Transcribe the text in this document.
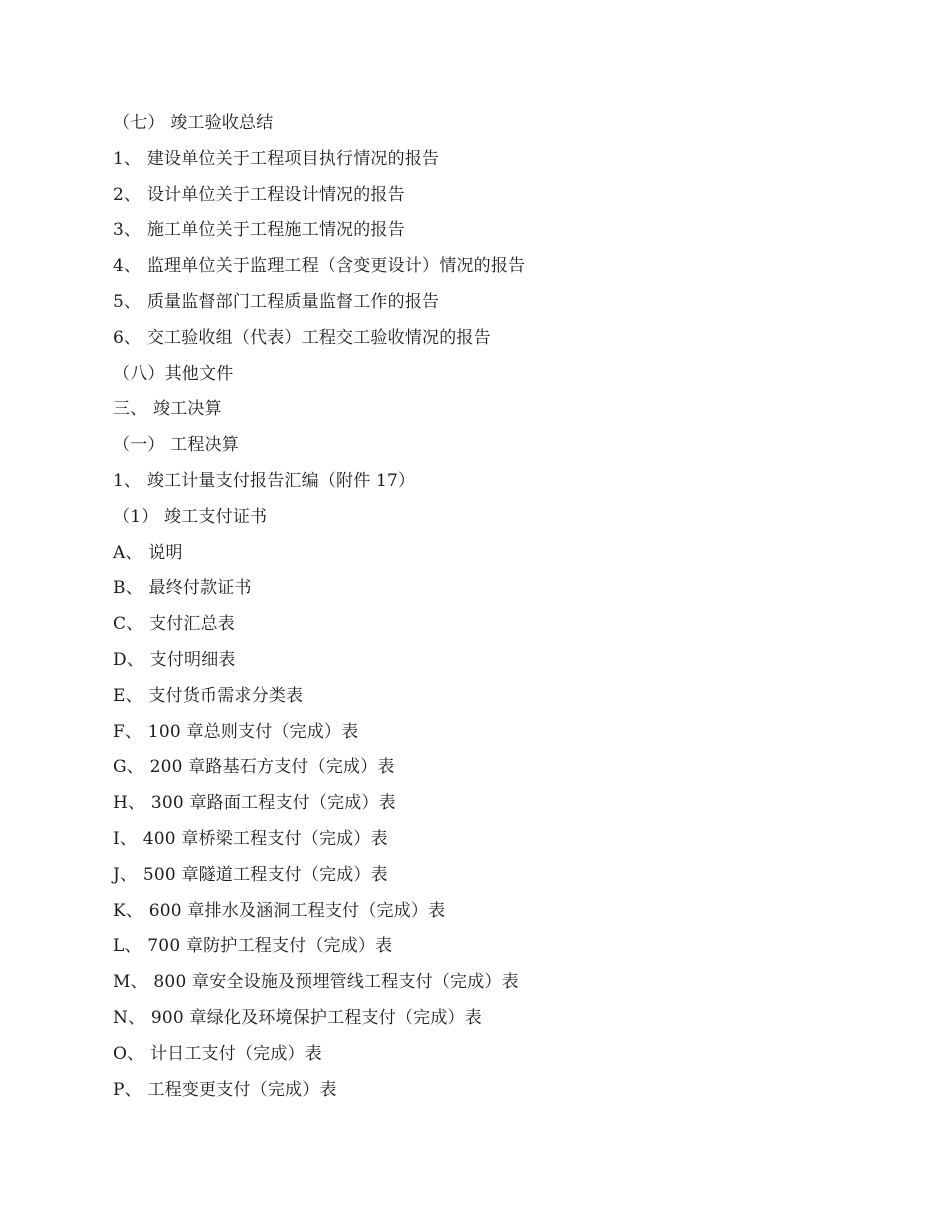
（七） 竣工验收总结
1、 建设单位关于工程项目执行情况的报告
2、 设计单位关于工程设计情况的报告
3、 施工单位关于工程施工情况的报告
4、 监理单位关于监理工程（含变更设计）情况的报告
5、 质量监督部门工程质量监督工作的报告
6、 交工验收组（代表）工程交工验收情况的报告
（八）其他文件
三、 竣工决算
（一） 工程决算
1、 竣工计量支付报告汇编（附件 17）
（1） 竣工支付证书
A、 说明
B、 最终付款证书
C、 支付汇总表
D、 支付明细表
E、 支付货币需求分类表
F、 100 章总则支付（完成）表
G、 200 章路基石方支付（完成）表
H、 300 章路面工程支付（完成）表
I、 400 章桥梁工程支付（完成）表
J、 500 章隧道工程支付（完成）表
K、 600 章排水及涵洞工程支付（完成）表
L、 700 章防护工程支付（完成）表
M、 800 章安全设施及预埋管线工程支付（完成）表
N、 900 章绿化及环境保护工程支付（完成）表
O、 计日工支付（完成）表
P、 工程变更支付（完成）表
